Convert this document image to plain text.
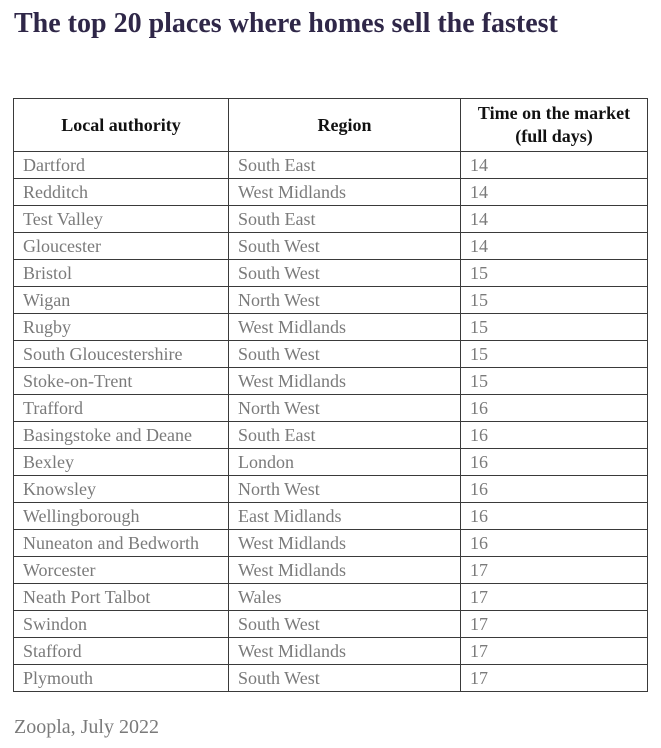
The top 20 places where homes sell the fastest
Local authority	Region	Time on the market (full days)
Dartford	South East	14
Redditch	West Midlands	14
Test Valley	South East	14
Gloucester	South West	14
Bristol	South West	15
Wigan	North West	15
Rugby	West Midlands	15
South Gloucestershire	South West	15
Stoke-on-Trent	West Midlands	15
Trafford	North West	16
Basingstoke and Deane	South East	16
Bexley	London	16
Knowsley	North West	16
Wellingborough	East Midlands	16
Nuneaton and Bedworth	West Midlands	16
Worcester	West Midlands	17
Neath Port Talbot	Wales	17
Swindon	South West	17
Stafford	West Midlands	17
Plymouth	South West	17
Zoopla, July 2022
